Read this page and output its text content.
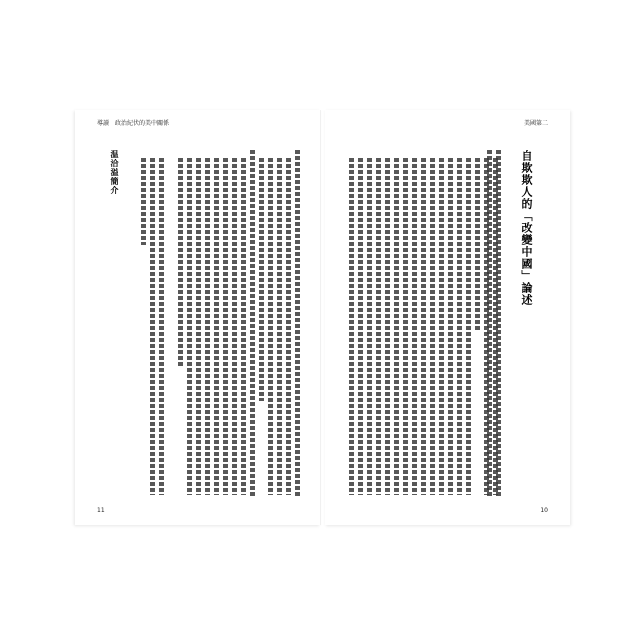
導讀 政治紀伏的美中關係
温洽溢簡介
11
美國第二
自欺欺人的「改變中國」論述
10
